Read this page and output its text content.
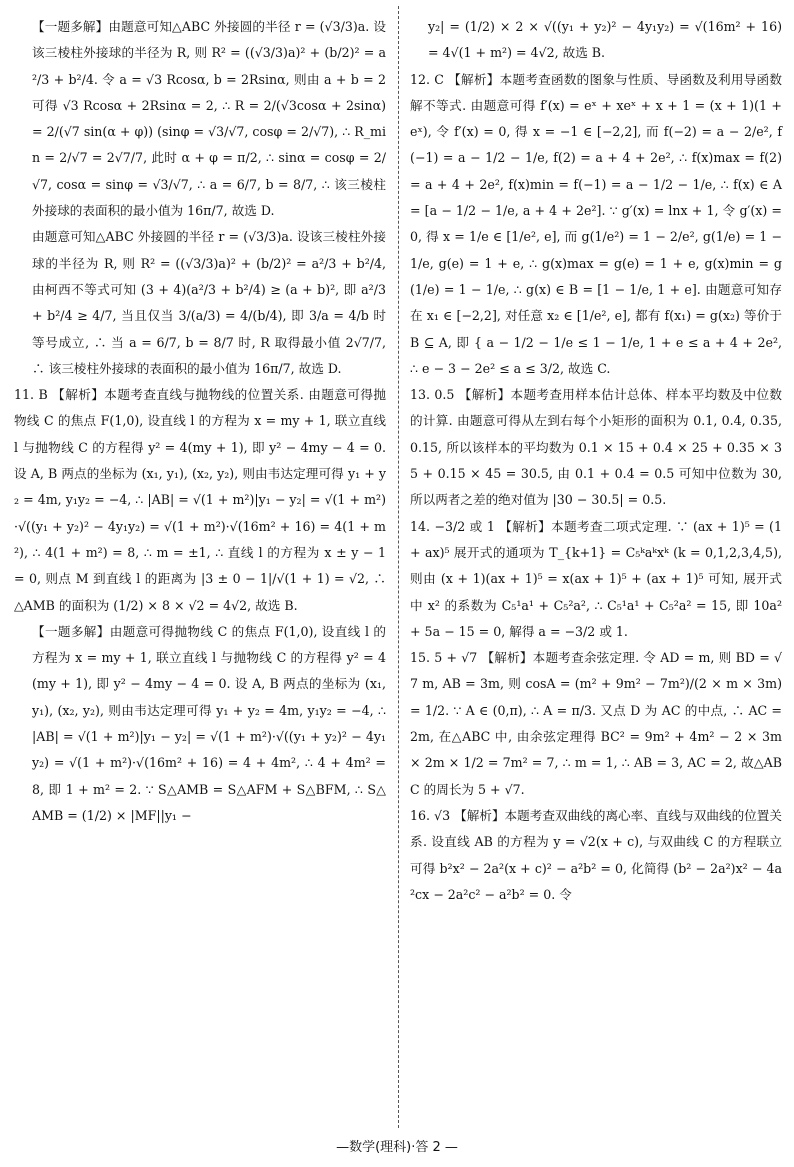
【一题多解】由题意可知△ABC 外接圆的半径 r = (√3/3)a. 设该三棱柱外接球的半径为 R, 则 R² = ((√3/3)a)² + (b/2)² = a²/3 + b²/4. 令 a = √3 Rcosα, b = 2Rsinα, 则由 a + b = 2 可得 √3 Rcosα + 2Rsinα = 2, ∴ R = 2/(√3cosα + 2sinα) = 2/(√7 sin(α + φ)) (sinφ = √3/√7, cosφ = 2/√7), ∴ R_min = 2/√7 = 2√7/7, 此时 α + φ = π/2, ∴ sinα = cosφ = 2/√7, cosα = sinφ = √3/√7, ∴ a = 6/7, b = 8/7, ∴ 该三棱柱外接球的表面积的最小值为 16π/7, 故选 D.

由题意可知△ABC 外接圆的半径 r = (√3/3)a. 设该三棱柱外接球的半径为 R, 则 R² = ((√3/3)a)² + (b/2)² = a²/3 + b²/4, 由柯西不等式可知 (3 + 4)(a²/3 + b²/4) ≥ (a + b)², 即 a²/3 + b²/4 ≥ 4/7, 当且仅当 3/(a/3) = 4/(b/4), 即 3/a = 4/b 时等号成立, ∴ 当 a = 6/7, b = 8/7 时, R 取得最小值 2√7/7, ∴ 该三棱柱外接球的表面积的最小值为 16π/7, 故选 D.

11. B 【解析】本题考查直线与抛物线的位置关系. 由题意可得抛物线 C 的焦点 F(1,0), 设直线 l 的方程为 x = my + 1, 联立直线 l 与抛物线 C 的方程得 y² = 4(my + 1), 即 y² − 4my − 4 = 0. 设 A, B 两点的坐标为 (x₁, y₁), (x₂, y₂), 则由韦达定理可得 y₁ + y₂ = 4m, y₁y₂ = −4, ∴ |AB| = √(1 + m²)|y₁ − y₂| = √(1 + m²)·√((y₁ + y₂)² − 4y₁y₂) = √(1 + m²)·√(16m² + 16) = 4(1 + m²), ∴ 4(1 + m²) = 8, ∴ m = ±1, ∴ 直线 l 的方程为 x ± y − 1 = 0, 则点 M 到直线 l 的距离为 |3 ± 0 − 1|/√(1 + 1) = √2, ∴ △AMB 的面积为 (1/2) × 8 × √2 = 4√2, 故选 B.

【一题多解】由题意可得抛物线 C 的焦点 F(1,0), 设直线 l 的方程为 x = my + 1, 联立直线 l 与抛物线 C 的方程得 y² = 4(my + 1), 即 y² − 4my − 4 = 0. 设 A, B 两点的坐标为 (x₁, y₁), (x₂, y₂), 则由韦达定理可得 y₁ + y₂ = 4m, y₁y₂ = −4, ∴ |AB| = √(1 + m²)|y₁ − y₂| = √(1 + m²)·√((y₁ + y₂)² − 4y₁y₂) = √(1 + m²)·√(16m² + 16) = 4 + 4m², ∴ 4 + 4m² = 8, 即 1 + m² = 2. ∵ S△AMB = S△AFM + S△BFM, ∴ S△AMB = (1/2) × |MF||y₁ −

y₂| = (1/2) × 2 × √((y₁ + y₂)² − 4y₁y₂) = √(16m² + 16) = 4√(1 + m²) = 4√2, 故选 B.

12. C 【解析】本题考查函数的图象与性质、导函数及利用导函数解不等式. 由题意可得 f′(x) = eˣ + xeˣ + x + 1 = (x + 1)(1 + eˣ), 令 f′(x) = 0, 得 x = −1 ∈ [−2,2], 而 f(−2) = a − 2/e², f(−1) = a − 1/2 − 1/e, f(2) = a + 4 + 2e², ∴ f(x)max = f(2) = a + 4 + 2e², f(x)min = f(−1) = a − 1/2 − 1/e, ∴ f(x) ∈ A = [a − 1/2 − 1/e, a + 4 + 2e²]. ∵ g′(x) = lnx + 1, 令 g′(x) = 0, 得 x = 1/e ∈ [1/e², e], 而 g(1/e²) = 1 − 2/e², g(1/e) = 1 − 1/e, g(e) = 1 + e, ∴ g(x)max = g(e) = 1 + e, g(x)min = g(1/e) = 1 − 1/e, ∴ g(x) ∈ B = [1 − 1/e, 1 + e]. 由题意可知存在 x₁ ∈ [−2,2], 对任意 x₂ ∈ [1/e², e], 都有 f(x₁) = g(x₂) 等价于 B ⊆ A, 即 { a − 1/2 − 1/e ≤ 1 − 1/e, 1 + e ≤ a + 4 + 2e², ∴ e − 3 − 2e² ≤ a ≤ 3/2, 故选 C.

13. 0.5 【解析】本题考查用样本估计总体、样本平均数及中位数的计算. 由题意可得从左到右每个小矩形的面积为 0.1, 0.4, 0.35, 0.15, 所以该样本的平均数为 0.1 × 15 + 0.4 × 25 + 0.35 × 35 + 0.15 × 45 = 30.5, 由 0.1 + 0.4 = 0.5 可知中位数为 30, 所以两者之差的绝对值为 |30 − 30.5| = 0.5.

14. −3/2 或 1 【解析】本题考查二项式定理. ∵ (ax + 1)⁵ = (1 + ax)⁵ 展开式的通项为 T_{k+1} = C₅ᵏaᵏxᵏ (k = 0,1,2,3,4,5), 则由 (x + 1)(ax + 1)⁵ = x(ax + 1)⁵ + (ax + 1)⁵ 可知, 展开式中 x² 的系数为 C₅¹a¹ + C₅²a², ∴ C₅¹a¹ + C₅²a² = 15, 即 10a² + 5a − 15 = 0, 解得 a = −3/2 或 1.

15. 5 + √7 【解析】本题考查余弦定理. 令 AD = m, 则 BD = √7 m, AB = 3m, 则 cosA = (m² + 9m² − 7m²)/(2 × m × 3m) = 1/2. ∵ A ∈ (0,π), ∴ A = π/3. 又点 D 为 AC 的中点, ∴ AC = 2m, 在△ABC 中, 由余弦定理得 BC² = 9m² + 4m² − 2 × 3m × 2m × 1/2 = 7m² = 7, ∴ m = 1, ∴ AB = 3, AC = 2, 故△ABC 的周长为 5 + √7.

16. √3 【解析】本题考查双曲线的离心率、直线与双曲线的位置关系. 设直线 AB 的方程为 y = √2(x + c), 与双曲线 C 的方程联立可得 b²x² − 2a²(x + c)² − a²b² = 0, 化简得 (b² − 2a²)x² − 4a²cx − 2a²c² − a²b² = 0. 令

—数学(理科)·答 2 —
